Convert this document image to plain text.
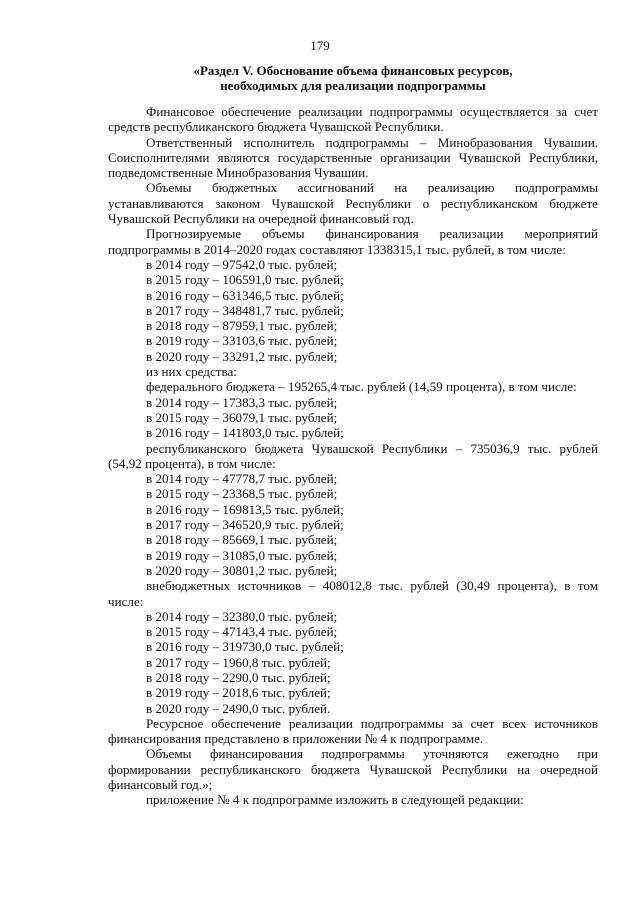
179
«Раздел V. Обоснование объема финансовых ресурсов,
необходимых для реализации подпрограммы

Финансовое обеспечение реализации подпрограммы осуществляется за счет средств республиканского бюджета Чувашской Республики.

Ответственный исполнитель подпрограммы – Минобразования Чувашии. Соисполнителями являются государственные организации Чувашской Республики, подведомственные Минобразования Чувашии.

Объемы бюджетных ассигнований на реализацию подпрограммы устанавливаются законом Чувашской Республики о республиканском бюджете Чувашской Республики на очередной финансовый год.

Прогнозируемые объемы финансирования реализации мероприятий подпрограммы в 2014–2020 годах составляют 1338315,1 тыс. рублей, в том числе:

в 2014 году – 97542,0 тыс. рублей;

в 2015 году – 106591,0 тыс. рублей;

в 2016 году – 631346,5 тыс. рублей;

в 2017 году – 348481,7 тыс. рублей;

в 2018 году – 87959,1 тыс. рублей;

в 2019 году – 33103,6 тыс. рублей;

в 2020 году – 33291,2 тыс. рублей;

из них средства:

федерального бюджета – 195265,4 тыс. рублей (14,59 процента), в том числе:

в 2014 году – 17383,3 тыс. рублей;

в 2015 году – 36079,1 тыс. рублей;

в 2016 году – 141803,0 тыс. рублей;

республиканского бюджета Чувашской Республики – 735036,9 тыс. рублей (54,92 процента), в том числе:

в 2014 году – 47778,7 тыс. рублей;

в 2015 году – 23368,5 тыс. рублей;

в 2016 году – 169813,5 тыс. рублей;

в 2017 году – 346520,9 тыс. рублей;

в 2018 году – 85669,1 тыс. рублей;

в 2019 году – 31085,0 тыс. рублей;

в 2020 году – 30801,2 тыс. рублей;

внебюджетных источников – 408012,8 тыс. рублей (30,49 процента), в том числе:

в 2014 году – 32380,0 тыс. рублей;

в 2015 году – 47143,4 тыс. рублей;

в 2016 году – 319730,0 тыс. рублей;

в 2017 году – 1960,8 тыс. рублей;

в 2018 году – 2290,0 тыс. рублей;

в 2019 году – 2018,6 тыс. рублей;

в 2020 году – 2490,0 тыс. рублей.

Ресурсное обеспечение реализации подпрограммы за счет всех источников финансирования представлено в приложении № 4 к подпрограмме.

Объемы финансирования подпрограммы уточняются ежегодно при формировании республиканского бюджета Чувашской Республики на очередной финансовый год.»;

приложение № 4 к подпрограмме изложить в следующей редакции:
